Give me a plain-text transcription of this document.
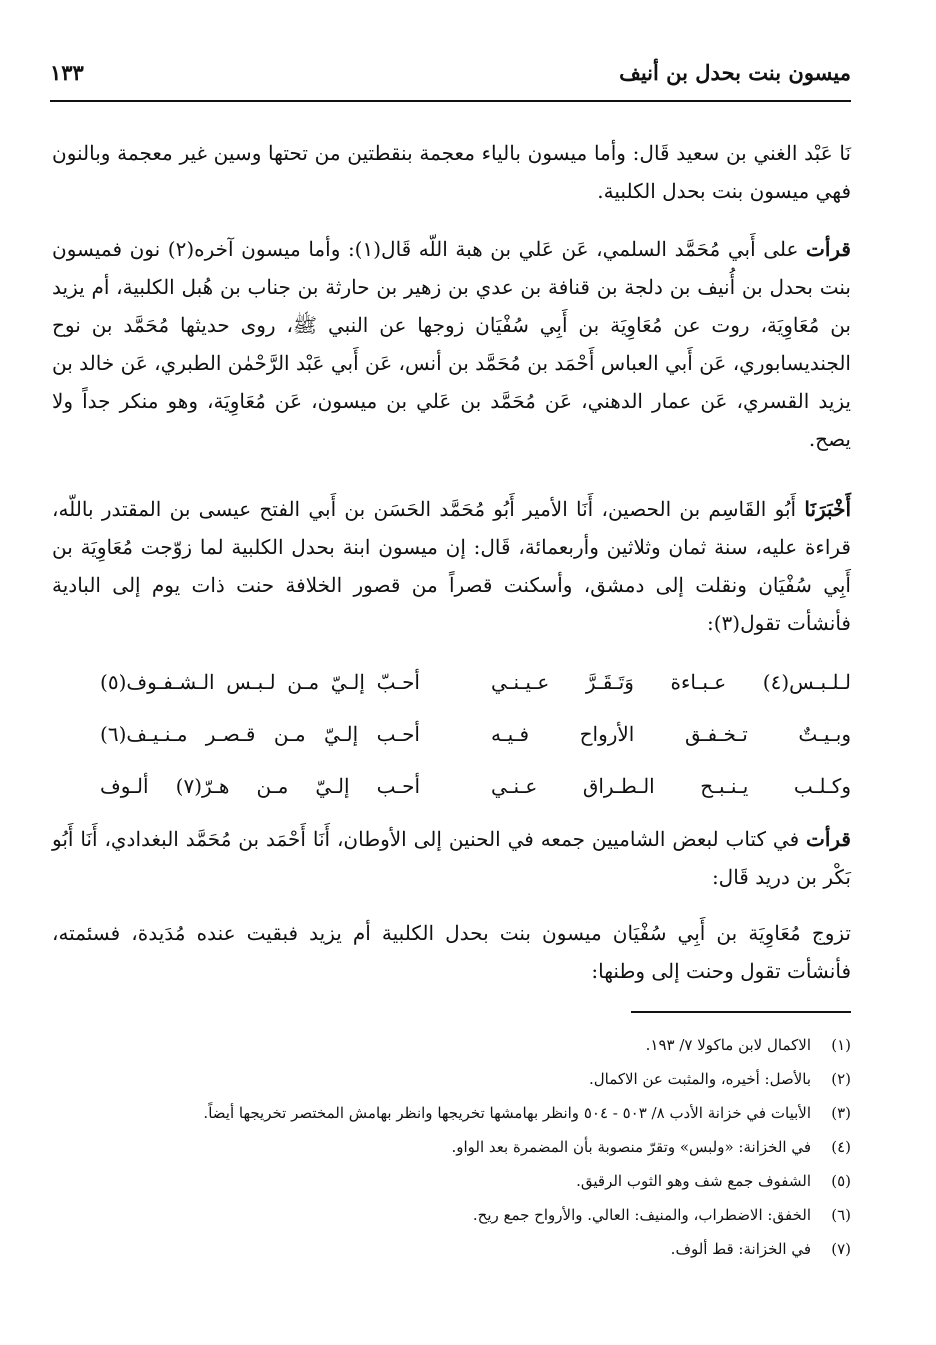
ميسون بنت بحدل بن أنيف
١٣٣
نَا عَبْد الغني بن سعيد قَال: وأما ميسون بالياء معجمة بنقطتين من تحتها وسين غير معجمة وبالنون فهي ميسون بنت بحدل الكلبية.
قرأت على أَبي مُحَمَّد السلمي، عَن عَلي بن هبة اللّه قَال(١): وأما ميسون آخره(٢) نون فميسون بنت بحدل بن أُنيف بن دلجة بن قنافة بن عدي بن زهير بن حارثة بن جناب بن هُبل الكلبية، أم يزيد بن مُعَاوِيَة، روت عن مُعَاوِيَة بن أَبِي سُفْيَان زوجها عن النبي ﷺ، روى حديثها مُحَمَّد بن نوح الجنديسابوري، عَن أَبي العباس أَحْمَد بن مُحَمَّد بن أنس، عَن أَبي عَبْد الرَّحْمٰن الطبري، عَن خالد بن يزيد القسري، عَن عمار الدهني، عَن مُحَمَّد بن عَلي بن ميسون، عَن مُعَاوِيَة، وهو منكر جداً ولا يصح.
أَخْبَرَنَا أَبُو القَاسِم بن الحصين، أَنَا الأمير أَبُو مُحَمَّد الحَسَن بن أَبي الفتح عيسى بن المقتدر باللّه، قراءة عليه، سنة ثمان وثلاثين وأربعمائة، قَال: إن ميسون ابنة بحدل الكلبية لما زوّجت مُعَاوِيَة بن أَبِي سُفْيَان ونقلت إلى دمشق، وأسكنت قصراً من قصور الخلافة حنت ذات يوم إلى البادية فأنشأت تقول(٣):
لـلـبـس(٤) عـبـاءة وَتَـقَـرَّ عـيـنـي
أحـبّ إلـيّ مـن لـبـس الـشـفـوف(٥)
وبـيـتٌ تـخـفـق الأرواح فـيـه
أحـب إلـيّ مـن قـصـر مـنـيـف(٦)
وكـلـب يـنـبـح الـطـراق عـنـي
أحـب إلـيّ مـن هـرّ(٧) ألـوف
قرأت في كتاب لبعض الشاميين جمعه في الحنين إلى الأوطان، أَنَا أَحْمَد بن مُحَمَّد البغدادي، أَنَا أَبُو بَكْر بن دريد قَال:
تزوج مُعَاوِيَة بن أَبِي سُفْيَان ميسون بنت بحدل الكلبية أم يزيد فبقيت عنده مُدَيدة، فسئمته، فأنشأت تقول وحنت إلى وطنها:
(١)الاكمال لابن ماكولا ٧/ ١٩٣.
(٢)بالأصل: أخيره، والمثبت عن الاكمال.
(٣)الأبيات في خزانة الأدب ٨/ ٥٠٣ - ٥٠٤ وانظر بهامشها تخريجها وانظر بهامش المختصر تخريجها أيضاً.
(٤)في الخزانة: «ولبس» وتقرّ منصوبة بأن المضمرة بعد الواو.
(٥)الشفوف جمع شف وهو الثوب الرقيق.
(٦)الخفق: الاضطراب، والمنيف: العالي. والأرواح جمع ريح.
(٧)في الخزانة: قط ألوف.
